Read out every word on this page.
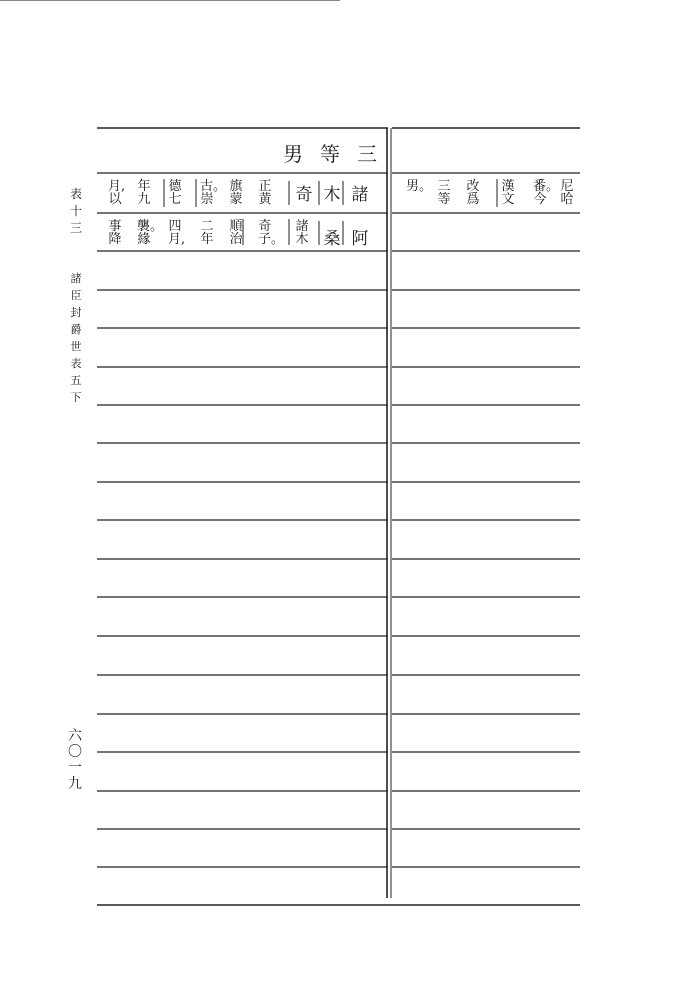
表
十
三
諸
臣
封
爵
世
表
五
下
六
〇
一
九
男 等 三
諸
阿
木
桑
奇
諸木
正
黄
奇
子。
旗
蒙
順
治
古。
崇
二
年
德
七
四
月,
年
九
襲。
緣
月,
以
事
降
尼
哈
番。
今
漢
文
改
爲
三
等
男。
